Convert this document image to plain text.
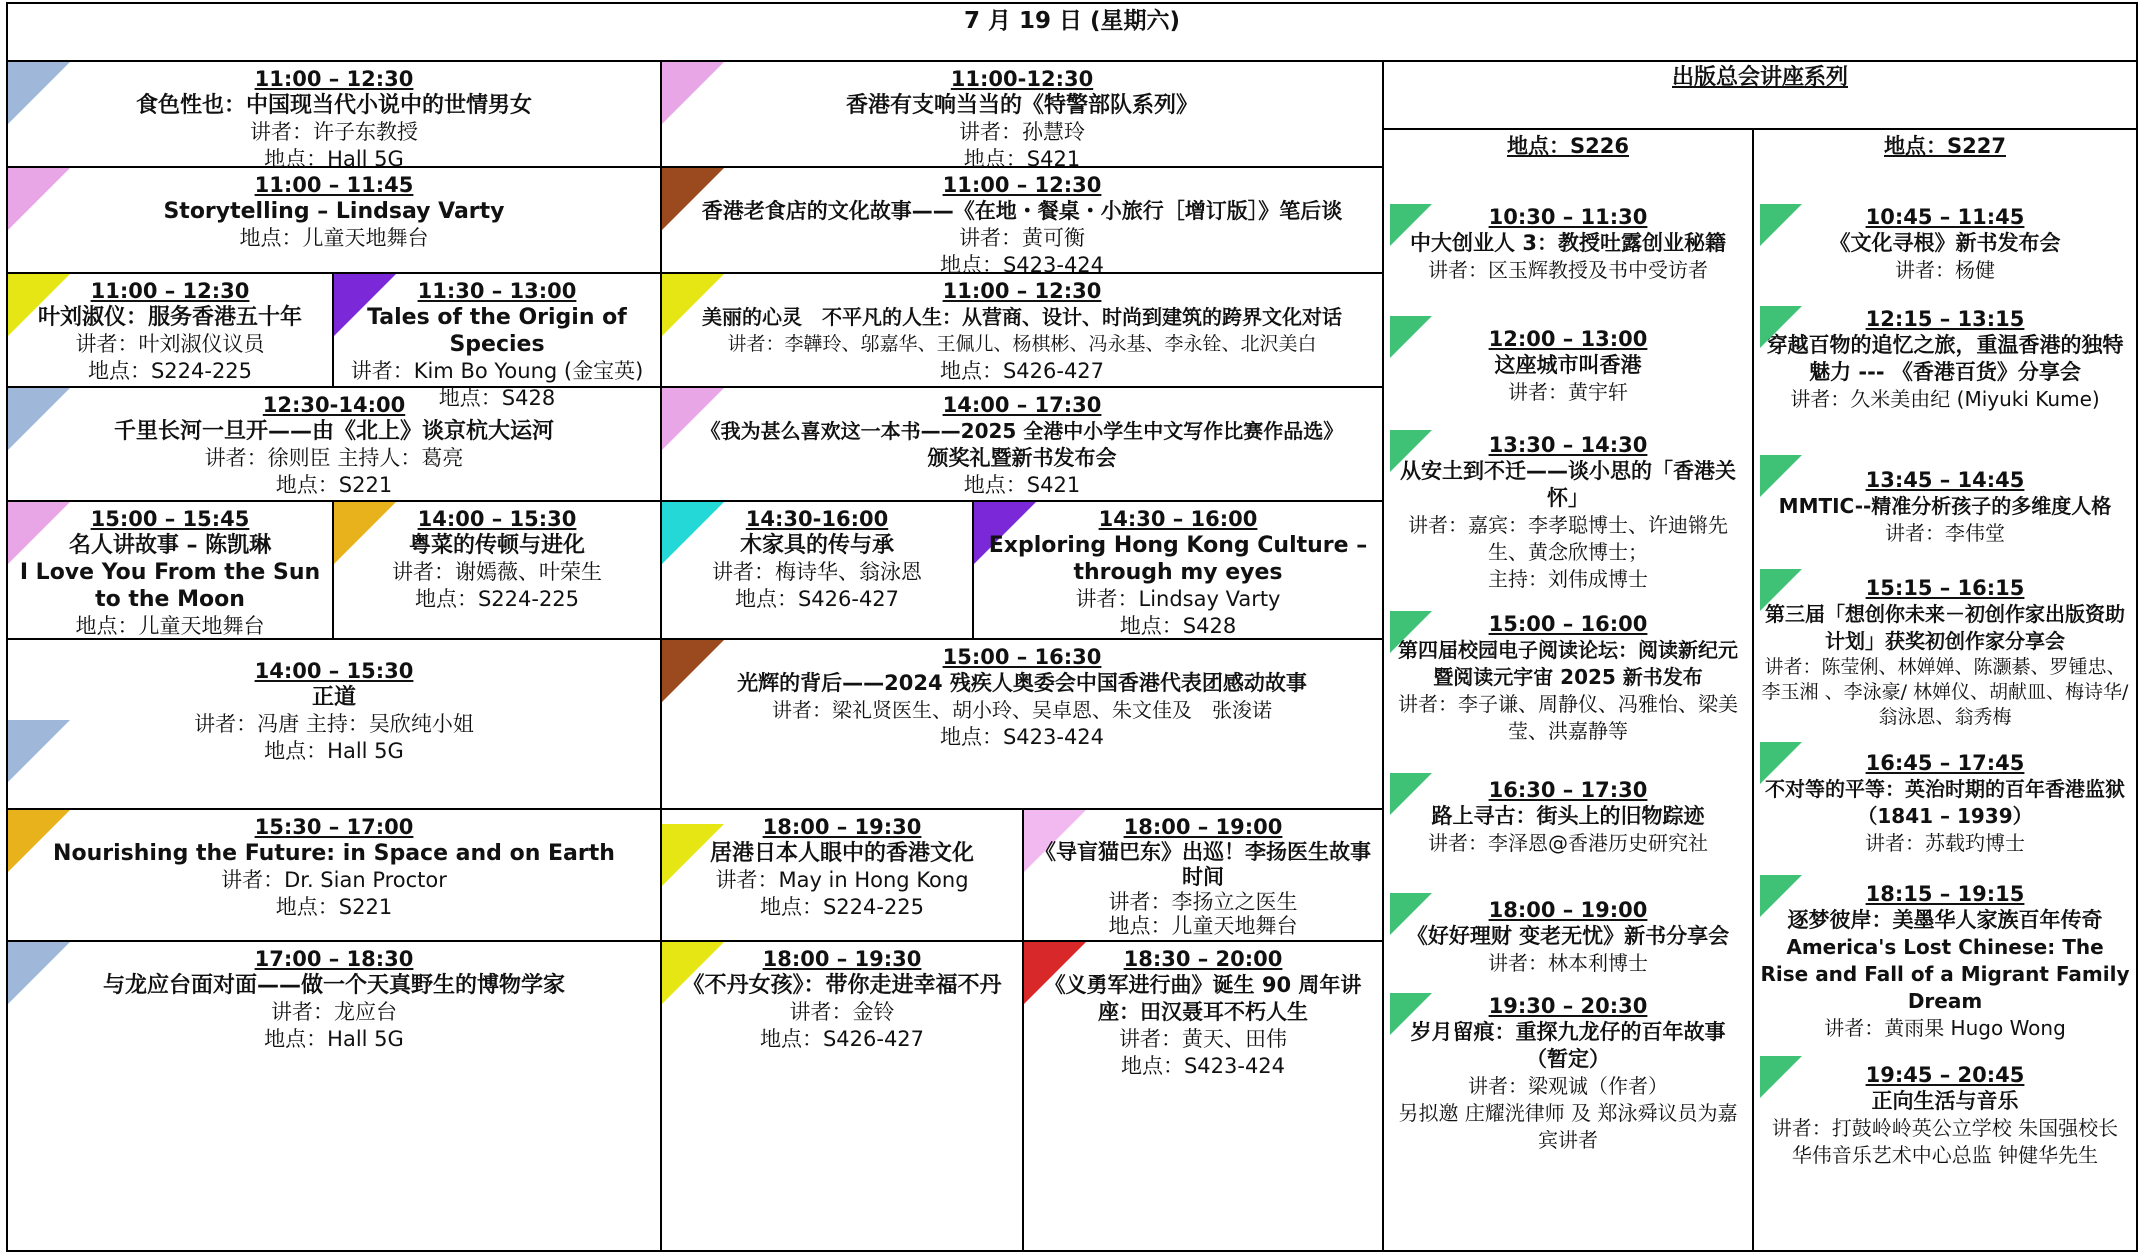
7 月 19 日 (星期六)
11:00 – 12:30
食色性也：中国现当代小说中的世情男女
讲者：许子东教授
地点：Hall 5G
11:00 – 11:45
Storytelling – Lindsay Varty
地点：儿童天地舞台
11:00 – 12:30
叶刘淑仪：服务香港五十年
讲者：叶刘淑仪议员
地点：S224-225
11:30 – 13:00
Tales of the Origin of Species
讲者：Kim Bo Young (金宝英)
地点：S428
12:30-14:00
千里长河一旦开——由《北上》谈京杭大运河
讲者：徐则臣 主持人：葛亮
地点：S221
15:00 – 15:45
名人讲故事 – 陈凯琳
I Love You From the Sun to the Moon
地点：儿童天地舞台
14:00 – 15:30
粤菜的传顿与进化
讲者：谢嫣薇、叶荣生
地点：S224-225
14:00 – 15:30
正道
讲者：冯唐 主持：吴欣纯小姐
地点：Hall 5G
15:30 – 17:00
Nourishing the Future: in Space and on Earth
讲者：Dr. Sian Proctor
地点：S221
17:00 – 18:30
与龙应台面对面——做一个天真野生的博物学家
讲者：龙应台
地点：Hall 5G
11:00-12:30
香港有支响当当的《特警部队系列》
讲者：孙慧玲
地点：S421
11:00 – 12:30
香港老食店的文化故事——《在地・餐桌・小旅行［增订版］》笔后谈
讲者：黄可衡
地点：S423-424
11:00 – 12:30
美丽的心灵　不平凡的人生：从营商、设计、时尚到建筑的跨界文化对话
讲者：李韡玲、邬嘉华、王佩儿、杨棋彬、冯永基、李永铨、北沢美白
地点：S426-427
14:00 – 17:30
《我为甚么喜欢这一本书——2025 全港中小学生中文写作比赛作品选》
颁奖礼暨新书发布会
地点：S421
14:30-16:00
木家具的传与承
讲者：梅诗华、翁泳恩
地点：S426-427
14:30 – 16:00
Exploring Hong Kong Culture – through my eyes
讲者：Lindsay Varty
地点：S428
15:00 – 16:30
光辉的背后——2024 残疾人奥委会中国香港代表团感动故事
讲者：梁礼贤医生、胡小玲、吴卓恩、朱文佳及　张浚诺
地点：S423-424
18:00 – 19:30
居港日本人眼中的香港文化
讲者：May in Hong Kong
地点：S224-225
18:00 – 19:00
《导盲猫巴东》出巡！李扬医生故事时间
讲者：李扬立之医生
地点：儿童天地舞台
18:00 – 19:30
《不丹女孩》：带你走进幸福不丹
讲者：金铃
地点：S426-427
18:30 – 20:00
《义勇军进行曲》诞生 90 周年讲座：田汉聂耳不朽人生
讲者：黄天、田伟
地点：S423-424
出版总会讲座系列
地点：S226
10:30 – 11:30
中大创业人 3：教授吐露创业秘籍
讲者：区玉辉教授及书中受访者
12:00 – 13:00
这座城市叫香港
讲者：黄宇轩
13:30 – 14:30
从安土到不迁——谈小思的「香港关怀」
讲者：嘉宾：李孝聪博士、许迪锵先生、黄念欣博士；
主持：刘伟成博士
15:00 – 16:00
第四届校园电子阅读论坛：阅读新纪元暨阅读元宇宙 2025 新书发布
讲者：李子谦、周静仪、冯雅怡、梁美莹、洪嘉静等
16:30 – 17:30
路上寻古：街头上的旧物踪迹
讲者：李泽恩@香港历史研究社
18:00 – 19:00
《好好理财 变老无忧》新书分享会
讲者：林本利博士
19:30 – 20:30
岁月留痕：重探九龙仔的百年故事（暂定）
讲者：梁观诚（作者）
另拟邀 庄耀洸律师 及 郑泳舜议员为嘉宾讲者
地点：S227
10:45 – 11:45
《文化寻根》新书发布会
讲者：杨健
12:15 – 13:15
穿越百物的追忆之旅，重温香港的独特魅力 --- 《香港百货》分享会
讲者：久米美由纪 (Miyuki Kume)
13:45 – 14:45
MMTIC--精准分析孩子的多维度人格
讲者：李伟堂
15:15 – 16:15
第三届「想创你未来－初创作家出版资助计划」获奖初创作家分享会
讲者：陈莹俐、林婵婵、陈灏綦、罗锺忠、李玉湘 、李泳豪/ 林婵仪、胡献皿、梅诗华/ 翁泳恩、翁秀梅
16:45 – 17:45
不对等的平等：英治时期的百年香港监狱（1841 – 1939）
讲者：苏载玓博士
18:15 – 19:15
逐梦彼岸：美墨华人家族百年传奇
America's Lost Chinese: The Rise and Fall of a Migrant Family Dream
讲者：黄雨果 Hugo Wong
19:45 – 20:45
正向生活与音乐
讲者：打鼓岭岭英公立学校 朱国强校长
华伟音乐艺术中心总监 钟健华先生
